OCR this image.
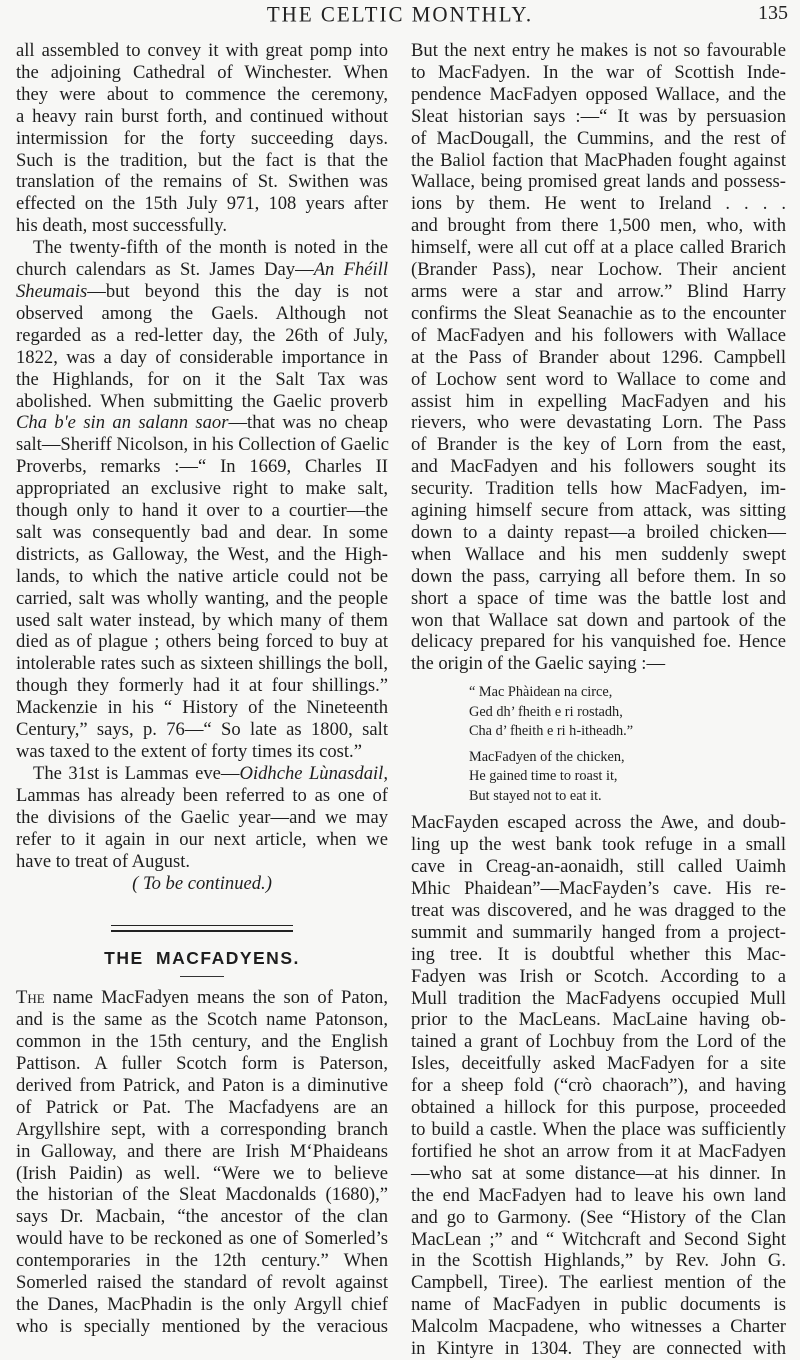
THE CELTIC MONTHLY.	135

all assembled to convey it with great pomp into
the adjoining Cathedral of Winchester. When
they were about to commence the ceremony,
a heavy rain burst forth, and continued without
intermission for the forty succeeding days.
Such is the tradition, but the fact is that the
translation of the remains of St. Swithen was
effected on the 15th July 971, 108 years after
his death, most successfully.

The twenty-fifth of the month is noted in the
church calendars as St. James Day—An Fhéill
Sheumais—but beyond this the day is not
observed among the Gaels. Although not
regarded as a red-letter day, the 26th of July,
1822, was a day of considerable importance in
the Highlands, for on it the Salt Tax was
abolished. When submitting the Gaelic proverb
Cha b'e sin an salann saor—that was no cheap
salt—Sheriff Nicolson, in his Collection of Gaelic
Proverbs, remarks :—“ In 1669, Charles II
appropriated an exclusive right to make salt,
though only to hand it over to a courtier—the
salt was consequently bad and dear. In some
districts, as Galloway, the West, and the High-
lands, to which the native article could not be
carried, salt was wholly wanting, and the people
used salt water instead, by which many of them
died as of plague ; others being forced to buy at
intolerable rates such as sixteen shillings the boll,
though they formerly had it at four shillings.”
Mackenzie in his “ History of the Nineteenth
Century,” says, p. 76—“ So late as 1800, salt
was taxed to the extent of forty times its cost.”

The 31st is Lammas eve—Oidhche Lùnasdail,
Lammas has already been referred to as one of
the divisions of the Gaelic year—and we may
refer to it again in our next article, when we
have to treat of August.

( To be continued.)
THE MACFADYENS.

The name MacFadyen means the son of Paton,
and is the same as the Scotch name Patonson,
common in the 15th century, and the English
Pattison. A fuller Scotch form is Paterson,
derived from Patrick, and Paton is a diminutive
of Patrick or Pat. The Macfadyens are an
Argyllshire sept, with a corresponding branch
in Galloway, and there are Irish M‘Phaideans
(Irish Paidin) as well. “Were we to believe
the historian of the Sleat Macdonalds (1680),”
says Dr. Macbain, “the ancestor of the clan
would have to be reckoned as one of Somerled’s
contemporaries in the 12th century.” When
Somerled raised the standard of revolt against
the Danes, MacPhadin is the only Argyll chief
who is specially mentioned by the veracious

But the next entry he makes is not so favourable
to MacFadyen. In the war of Scottish Inde-
pendence MacFadyen opposed Wallace, and the
Sleat historian says :—“ It was by persuasion
of MacDougall, the Cummins, and the rest of
the Baliol faction that MacPhaden fought against
Wallace, being promised great lands and possess-
ions by them. He went to Ireland . . . .
and brought from there 1,500 men, who, with
himself, were all cut off at a place called Brarich
(Brander Pass), near Lochow. Their ancient
arms were a star and arrow.” Blind Harry
confirms the Sleat Seanachie as to the encounter
of MacFadyen and his followers with Wallace
at the Pass of Brander about 1296. Campbell
of Lochow sent word to Wallace to come and
assist him in expelling MacFadyen and his
rievers, who were devastating Lorn. The Pass
of Brander is the key of Lorn from the east,
and MacFadyen and his followers sought its
security. Tradition tells how MacFadyen, im-
agining himself secure from attack, was sitting
down to a dainty repast—a broiled chicken—
when Wallace and his men suddenly swept
down the pass, carrying all before them. In so
short a space of time was the battle lost and
won that Wallace sat down and partook of the
delicacy prepared for his vanquished foe. Hence
the origin of the Gaelic saying :—

“ Mac Phàidean na circe,
Ged dh’ fheith e ri rostadh,
Cha d’ fheith e ri h-itheadh.”
MacFadyen of the chicken,
He gained time to roast it,
But stayed not to eat it.

MacFayden escaped across the Awe, and doub-
ling up the west bank took refuge in a small
cave in Creag-an-aonaidh, still called Uaimh
Mhic Phaidean”—MacFayden’s cave. His re-
treat was discovered, and he was dragged to the
summit and summarily hanged from a project-
ing tree. It is doubtful whether this Mac-
Fadyen was Irish or Scotch. According to a
Mull tradition the MacFadyens occupied Mull
prior to the MacLeans. MacLaine having ob-
tained a grant of Lochbuy from the Lord of the
Isles, deceitfully asked MacFadyen for a site
for a sheep fold (“crò chaorach”), and having
obtained a hillock for this purpose, proceeded
to build a castle. When the place was sufficiently
fortified he shot an arrow from it at MacFadyen
—who sat at some distance—at his dinner. In
the end MacFadyen had to leave his own land
and go to Garmony. (See “History of the Clan
MacLean ;” and “ Witchcraft and Second Sight
in the Scottish Highlands,” by Rev. John G.
Campbell, Tiree). The earliest mention of the
name of MacFadyen in public documents is
Malcolm Macpadene, who witnesses a Charter
in Kintyre in 1304. They are connected with
